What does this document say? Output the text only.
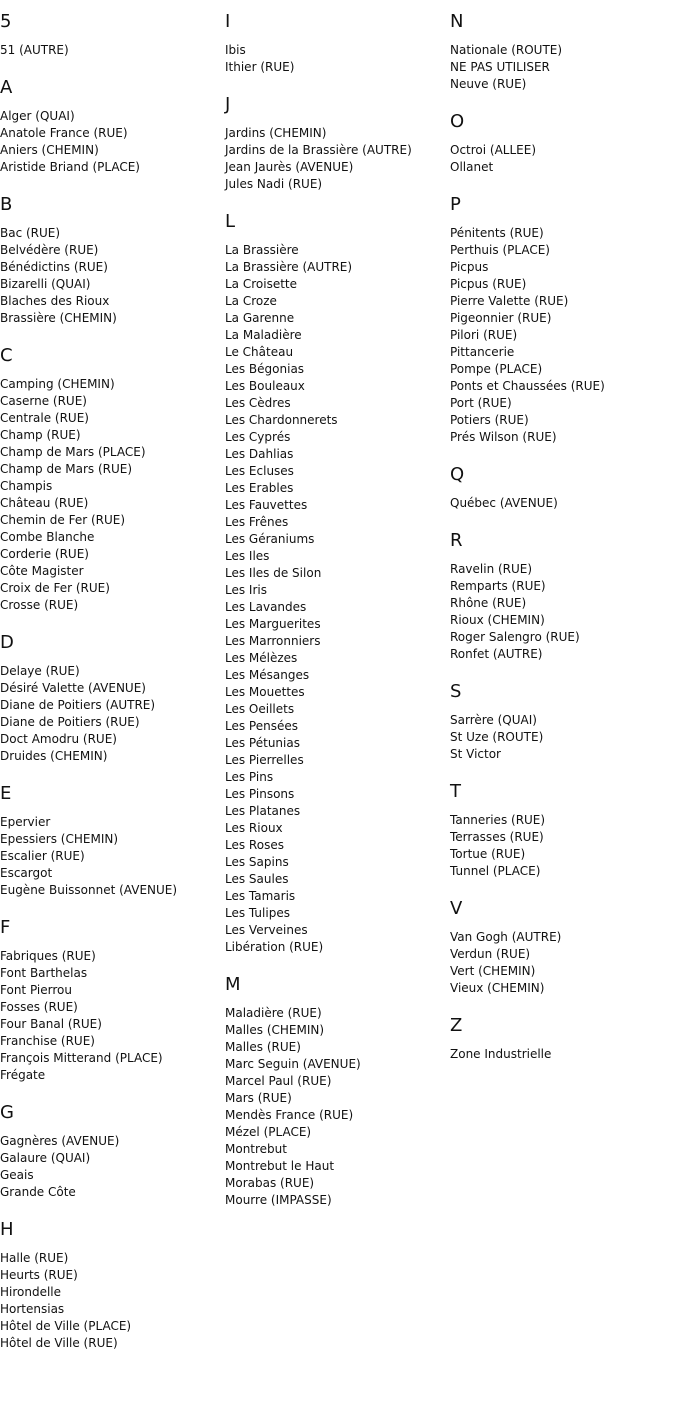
5
51 (AUTRE)
A
Alger (QUAI)
Anatole France (RUE)
Aniers (CHEMIN)
Aristide Briand (PLACE)
B
Bac (RUE)
Belvédère (RUE)
Bénédictins (RUE)
Bizarelli (QUAI)
Blaches des Rioux
Brassière (CHEMIN)
C
Camping (CHEMIN)
Caserne (RUE)
Centrale (RUE)
Champ (RUE)
Champ de Mars (PLACE)
Champ de Mars (RUE)
Champis
Château (RUE)
Chemin de Fer (RUE)
Combe Blanche
Corderie (RUE)
Côte Magister
Croix de Fer (RUE)
Crosse (RUE)
D
Delaye (RUE)
Désiré Valette (AVENUE)
Diane de Poitiers (AUTRE)
Diane de Poitiers (RUE)
Doct Amodru (RUE)
Druides (CHEMIN)
E
Epervier
Epessiers (CHEMIN)
Escalier (RUE)
Escargot
Eugène Buissonnet (AVENUE)
F
Fabriques (RUE)
Font Barthelas
Font Pierrou
Fosses (RUE)
Four Banal (RUE)
Franchise (RUE)
François Mitterand (PLACE)
Frégate
G
Gagnères (AVENUE)
Galaure (QUAI)
Geais
Grande Côte
H
Halle (RUE)
Heurts (RUE)
Hirondelle
Hortensias
Hôtel de Ville (PLACE)
Hôtel de Ville (RUE)
I
Ibis
Ithier (RUE)
J
Jardins (CHEMIN)
Jardins de la Brassière (AUTRE)
Jean Jaurès (AVENUE)
Jules Nadi (RUE)
L
La Brassière
La Brassière (AUTRE)
La Croisette
La Croze
La Garenne
La Maladière
Le Château
Les Bégonias
Les Bouleaux
Les Cèdres
Les Chardonnerets
Les Cyprés
Les Dahlias
Les Ecluses
Les Erables
Les Fauvettes
Les Frênes
Les Géraniums
Les Iles
Les Iles de Silon
Les Iris
Les Lavandes
Les Marguerites
Les Marronniers
Les Mélèzes
Les Mésanges
Les Mouettes
Les Oeillets
Les Pensées
Les Pétunias
Les Pierrelles
Les Pins
Les Pinsons
Les Platanes
Les Rioux
Les Roses
Les Sapins
Les Saules
Les Tamaris
Les Tulipes
Les Verveines
Libération (RUE)
M
Maladière (RUE)
Malles (CHEMIN)
Malles (RUE)
Marc Seguin (AVENUE)
Marcel Paul (RUE)
Mars (RUE)
Mendès France (RUE)
Mézel (PLACE)
Montrebut
Montrebut le Haut
Morabas (RUE)
Mourre (IMPASSE)
N
Nationale (ROUTE)
NE PAS UTILISER
Neuve (RUE)
O
Octroi (ALLEE)
Ollanet
P
Pénitents (RUE)
Perthuis (PLACE)
Picpus
Picpus (RUE)
Pierre Valette (RUE)
Pigeonnier (RUE)
Pilori (RUE)
Pittancerie
Pompe (PLACE)
Ponts et Chaussées (RUE)
Port (RUE)
Potiers (RUE)
Prés Wilson (RUE)
Q
Québec (AVENUE)
R
Ravelin (RUE)
Remparts (RUE)
Rhône (RUE)
Rioux (CHEMIN)
Roger Salengro (RUE)
Ronfet (AUTRE)
S
Sarrère (QUAI)
St Uze (ROUTE)
St Victor
T
Tanneries (RUE)
Terrasses (RUE)
Tortue (RUE)
Tunnel (PLACE)
V
Van Gogh (AUTRE)
Verdun (RUE)
Vert (CHEMIN)
Vieux (CHEMIN)
Z
Zone Industrielle
